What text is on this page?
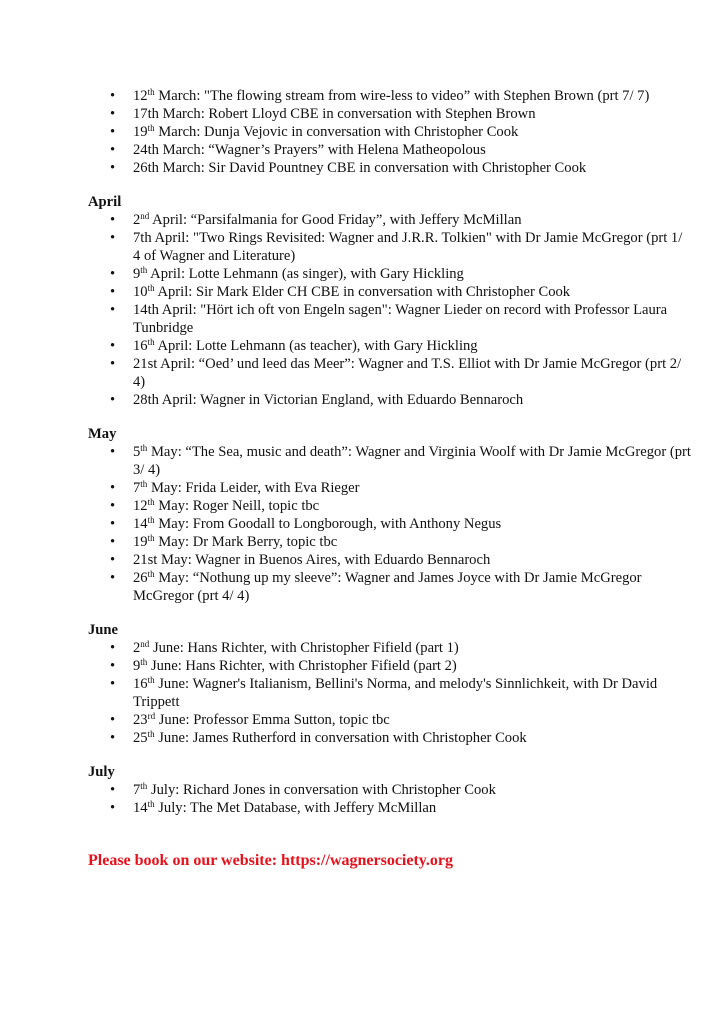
• 12th March: "The flowing stream from wire-less to video” with Stephen Brown (prt 7/ 7)
• 17th March: Robert Lloyd CBE in conversation with Stephen Brown
• 19th March: Dunja Vejovic in conversation with Christopher Cook
• 24th March: “Wagner’s Prayers” with Helena Matheopolous
• 26th March: Sir David Pountney CBE in conversation with Christopher Cook
April
• 2nd April: “Parsifalmania for Good Friday”, with Jeffery McMillan
• 7th April: "Two Rings Revisited: Wagner and J.R.R. Tolkien" with Dr Jamie McGregor (prt 1/ 4 of Wagner and Literature)
• 9th April: Lotte Lehmann (as singer), with Gary Hickling
• 10th April: Sir Mark Elder CH CBE in conversation with Christopher Cook
• 14th April: "Hört ich oft von Engeln sagen": Wagner Lieder on record with Professor Laura Tunbridge
• 16th April: Lotte Lehmann (as teacher), with Gary Hickling
• 21st April: “Oed’ und leed das Meer”: Wagner and T.S. Elliot with Dr Jamie McGregor (prt 2/ 4)
• 28th April: Wagner in Victorian England, with Eduardo Bennaroch
May
• 5th May: “The Sea, music and death”: Wagner and Virginia Woolf with Dr Jamie McGregor (prt 3/ 4)
• 7th May: Frida Leider, with Eva Rieger
• 12th May: Roger Neill, topic tbc
• 14th May: From Goodall to Longborough, with Anthony Negus
• 19th May: Dr Mark Berry, topic tbc
• 21st May: Wagner in Buenos Aires, with Eduardo Bennaroch
• 26th May: “Nothung up my sleeve”: Wagner and James Joyce with Dr Jamie McGregor McGregor (prt 4/ 4)
June
• 2nd June: Hans Richter, with Christopher Fifield (part 1)
• 9th June: Hans Richter, with Christopher Fifield (part 2)
• 16th June: Wagner's Italianism, Bellini's Norma, and melody's Sinnlichkeit, with Dr David Trippett
• 23rd June: Professor Emma Sutton, topic tbc
• 25th June: James Rutherford in conversation with Christopher Cook
July
• 7th July: Richard Jones in conversation with Christopher Cook
• 14th July: The Met Database, with Jeffery McMillan
Please book on our website: https://wagnersociety.org
